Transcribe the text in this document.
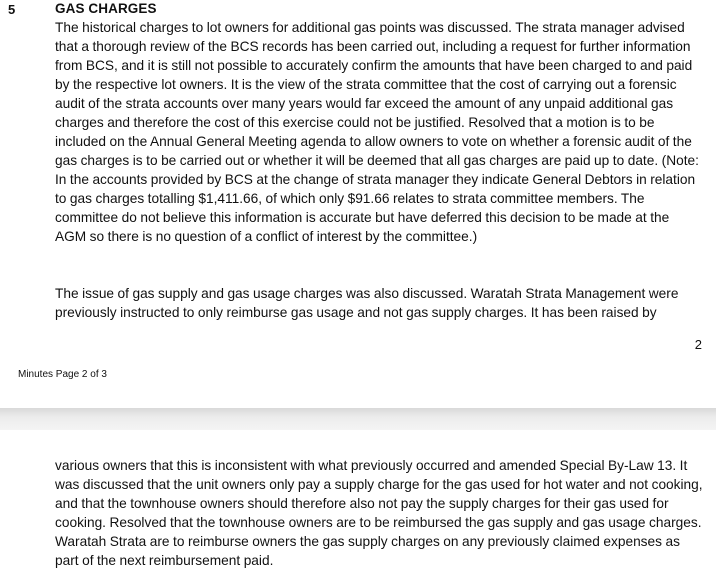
5	GAS CHARGES

The historical charges to lot owners for additional gas points was discussed. The strata manager advised that a thorough review of the BCS records has been carried out, including a request for further information from BCS, and it is still not possible to accurately confirm the amounts that have been charged to and paid by the respective lot owners. It is the view of the strata committee that the cost of carrying out a forensic audit of the strata accounts over many years would far exceed the amount of any unpaid additional gas charges and therefore the cost of this exercise could not be justified. Resolved that a motion is to be included on the Annual General Meeting agenda to allow owners to vote on whether a forensic audit of the gas charges is to be carried out or whether it will be deemed that all gas charges are paid up to date. (Note: In the accounts provided by BCS at the change of strata manager they indicate General Debtors in relation to gas charges totalling $1,411.66, of which only $91.66 relates to strata committee members. The committee do not believe this information is accurate but have deferred this decision to be made at the AGM so there is no question of a conflict of interest by the committee.)

The issue of gas supply and gas usage charges was also discussed. Waratah Strata Management were previously instructed to only reimburse gas usage and not gas supply charges. It has been raised by

2
Minutes Page 2 of 3

various owners that this is inconsistent with what previously occurred and amended Special By-Law 13. It was discussed that the unit owners only pay a supply charge for the gas used for hot water and not cooking, and that the townhouse owners should therefore also not pay the supply charges for their gas used for cooking. Resolved that the townhouse owners are to be reimbursed the gas supply and gas usage charges. Waratah Strata are to reimburse owners the gas supply charges on any previously claimed expenses as part of the next reimbursement paid.
